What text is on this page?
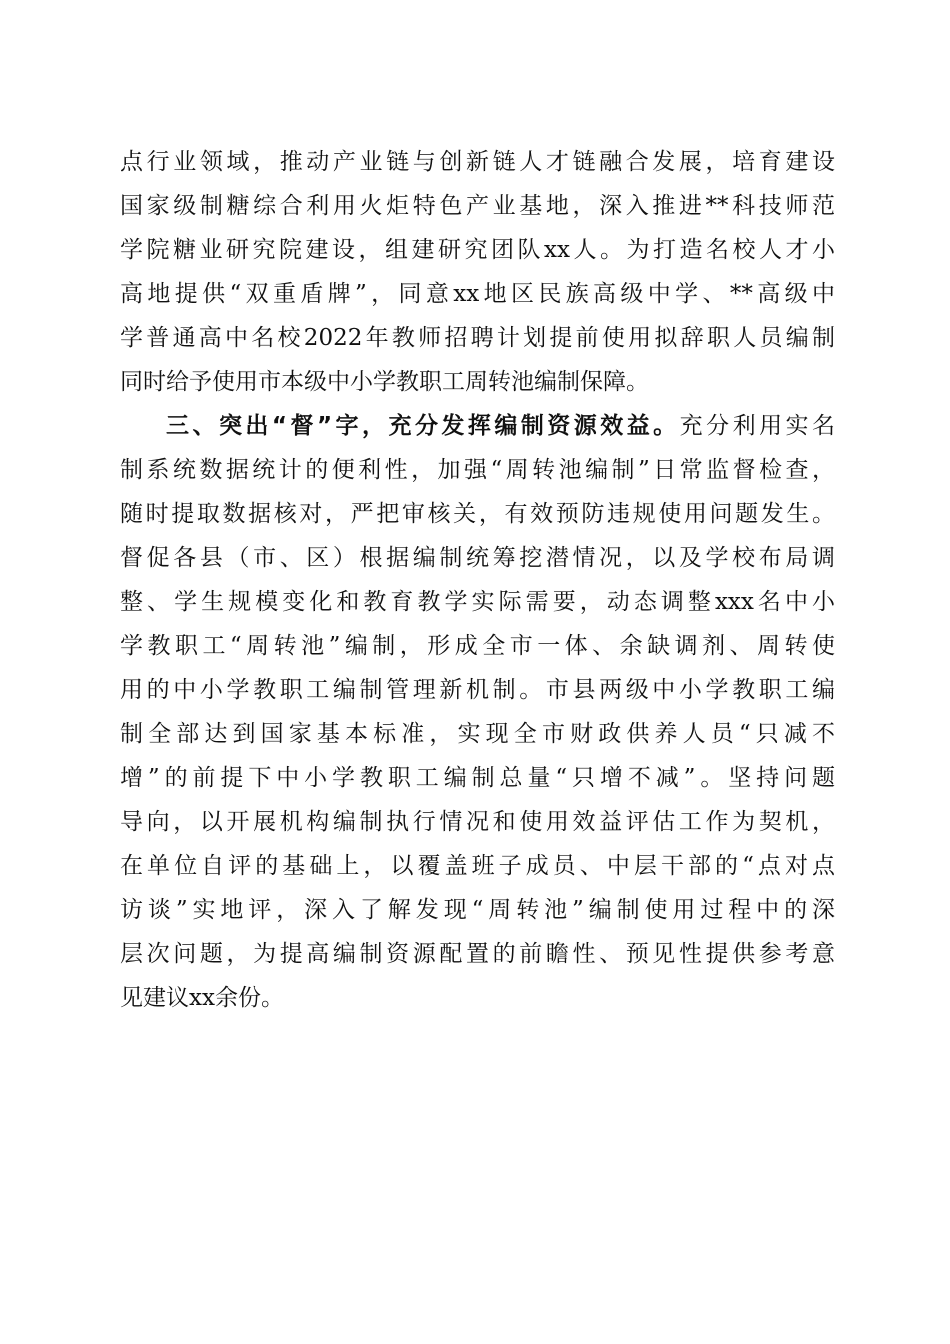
点行业领域，推动产业链与创新链人才链融合发展，培育建设
国家级制糖综合利用火炬特色产业基地，深入推进**科技师范
学院糖业研究院建设，组建研究团队xx人。为打造名校人才小
高地提供“双重盾牌”，同意xx地区民族高级中学、**高级中
学普通高中名校2022年教师招聘计划提前使用拟辞职人员编制
同时给予使用市本级中小学教职工周转池编制保障。
三、突出“督”字，充分发挥编制资源效益。充分利用实名
制系统数据统计的便利性，加强“周转池编制”日常监督检查，
随时提取数据核对，严把审核关，有效预防违规使用问题发生。
督促各县（市、区）根据编制统筹挖潜情况，以及学校布局调
整、学生规模变化和教育教学实际需要，动态调整xxx名中小
学教职工“周转池”编制，形成全市一体、余缺调剂、周转使
用的中小学教职工编制管理新机制。市县两级中小学教职工编
制全部达到国家基本标准，实现全市财政供养人员“只减不
增”的前提下中小学教职工编制总量“只增不减”。坚持问题
导向，以开展机构编制执行情况和使用效益评估工作为契机，
在单位自评的基础上，以覆盖班子成员、中层干部的“点对点
访谈”实地评，深入了解发现“周转池”编制使用过程中的深
层次问题，为提高编制资源配置的前瞻性、预见性提供参考意
见建议xx余份。
